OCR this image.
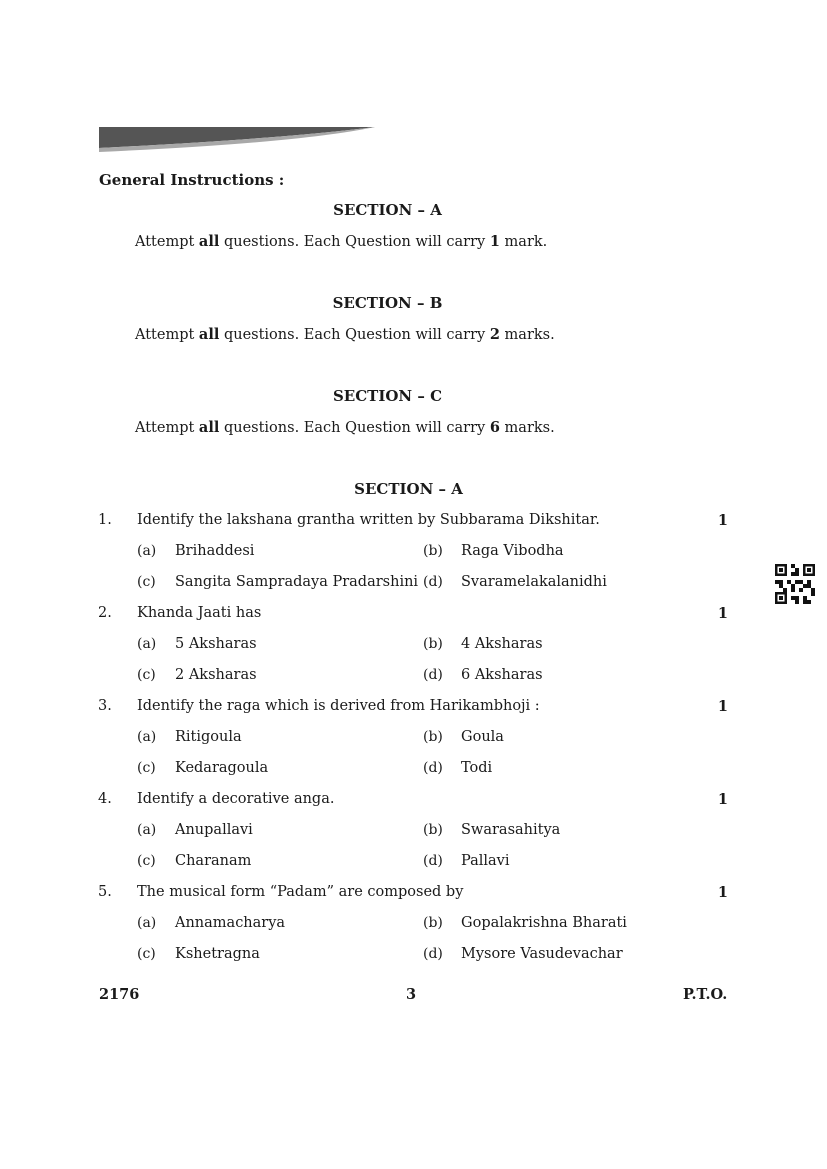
General Instructions :
SECTION – A
Attempt all questions. Each Question will carry 1 mark.
SECTION – B
Attempt all questions. Each Question will carry 2 marks.
SECTION – C
Attempt all questions. Each Question will carry 6 marks.
SECTION – A
1. Identify the lakshana grantha written by Subbarama Dikshitar.	1
(a) Brihaddesi	(b) Raga Vibodha
(c) Sangita Sampradaya Pradarshini (d) Svaramelakalanidhi
2. Khanda Jaati has	1
(a) 5 Aksharas	(b) 4 Aksharas
(c) 2 Aksharas	(d) 6 Aksharas
3. Identify the raga which is derived from Harikambhoji :	1
(a) Ritigoula	(b) Goula
(c) Kedaragoula	(d) Todi
4. Identify a decorative anga.	1
(a) Anupallavi	(b) Swarasahitya
(c) Charanam	(d) Pallavi
5. The musical form “Padam” are composed by	1
(a) Annamacharya	(b) Gopalakrishna Bharati
(c) Kshetragna	(d) Mysore Vasudevachar
2176	3	P.T.O.
